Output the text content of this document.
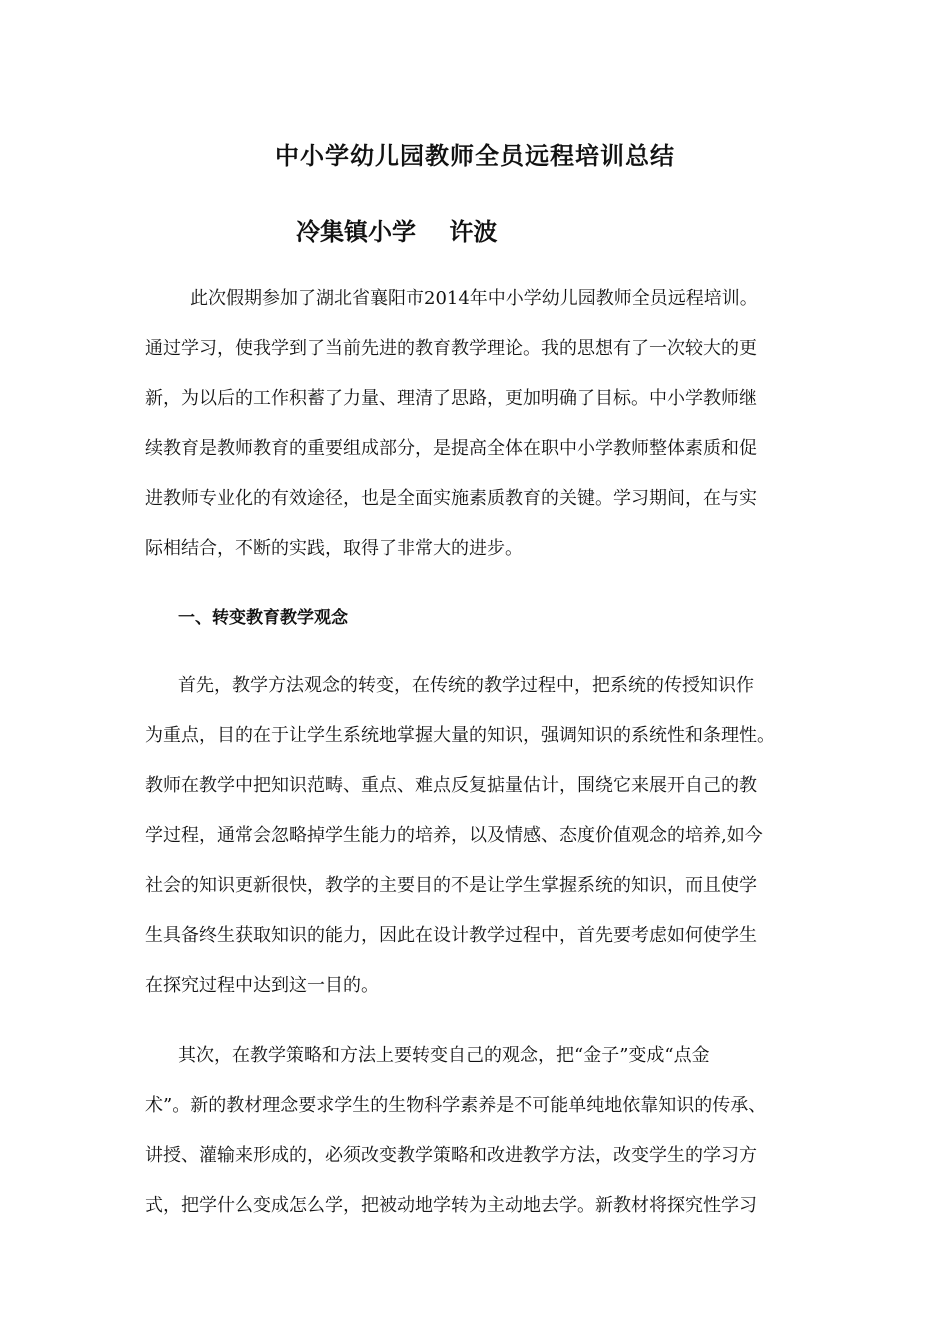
中小学幼儿园教师全员远程培训总结

冷集镇小学    许波

此次假期参加了湖北省襄阳市2014年中小学幼儿园教师全员远程培训。

通过学习，使我学到了当前先进的教育教学理论。我的思想有了一次较大的更

新，为以后的工作积蓄了力量、理清了思路，更加明确了目标。中小学教师继

续教育是教师教育的重要组成部分，是提高全体在职中小学教师整体素质和促

进教师专业化的有效途径，也是全面实施素质教育的关键。学习期间，在与实

际相结合，不断的实践，取得了非常大的进步。

一、转变教育教学观念

首先，教学方法观念的转变，在传统的教学过程中，把系统的传授知识作

为重点，目的在于让学生系统地掌握大量的知识，强调知识的系统性和条理性。

教师在教学中把知识范畴、重点、难点反复掂量估计，围绕它来展开自己的教

学过程，通常会忽略掉学生能力的培养，以及情感、态度价值观念的培养,如今

社会的知识更新很快，教学的主要目的不是让学生掌握系统的知识，而且使学

生具备终生获取知识的能力，因此在设计教学过程中，首先要考虑如何使学生

在探究过程中达到这一目的。

其次，在教学策略和方法上要转变自己的观念，把“金子”变成“点金

术”。新的教材理念要求学生的生物科学素养是不可能单纯地依靠知识的传承、

讲授、灌输来形成的，必须改变教学策略和改进教学方法，改变学生的学习方

式，把学什么变成怎么学，把被动地学转为主动地去学。新教材将探究性学习
